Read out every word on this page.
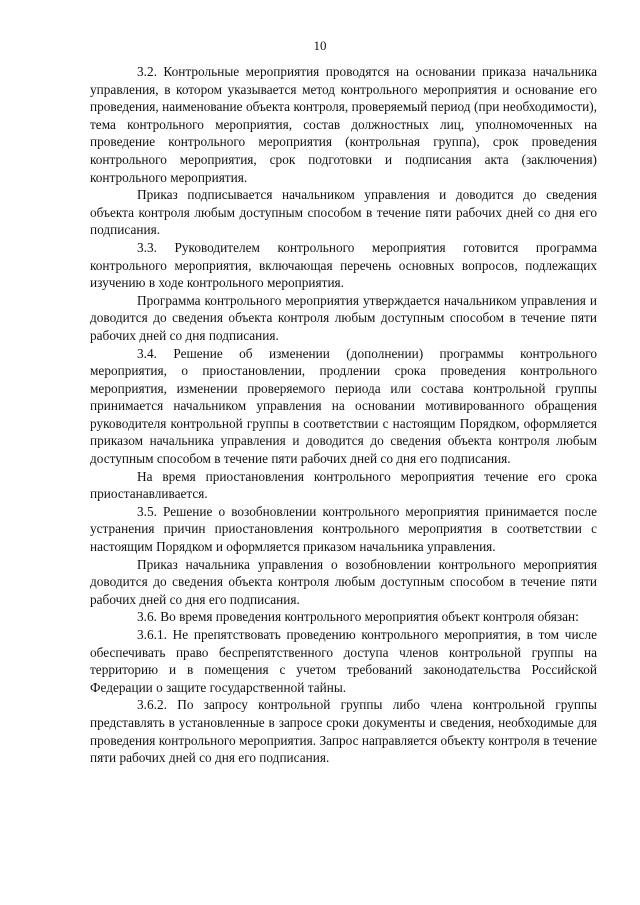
10

3.2. Контрольные мероприятия проводятся на основании приказа начальника управления, в котором указывается метод контрольного мероприятия и основание его проведения, наименование объекта контроля, проверяемый период (при необходимости), тема контрольного мероприятия, состав должностных лиц, уполномоченных на проведение контрольного мероприятия (контрольная группа), срок проведения контрольного мероприятия, срок подготовки и подписания акта (заключения) контрольного мероприятия.

Приказ подписывается начальником управления и доводится до сведения объекта контроля любым доступным способом в течение пяти рабочих дней со дня его подписания.

3.3. Руководителем контрольного мероприятия готовится программа контрольного мероприятия, включающая перечень основных вопросов, подлежащих изучению в ходе контрольного мероприятия.

Программа контрольного мероприятия утверждается начальником управления и доводится до сведения объекта контроля любым доступным способом в течение пяти рабочих дней со дня подписания.

3.4. Решение об изменении (дополнении) программы контрольного мероприятия, о приостановлении, продлении срока проведения контрольного мероприятия, изменении проверяемого периода или состава контрольной группы принимается начальником управления на основании мотивированного обращения руководителя контрольной группы в соответствии с настоящим Порядком, оформляется приказом начальника управления и доводится до сведения объекта контроля любым доступным способом в течение пяти рабочих дней со дня его подписания.

На время приостановления контрольного мероприятия течение его срока приостанавливается.

3.5. Решение о возобновлении контрольного мероприятия принимается после устранения причин приостановления контрольного мероприятия в соответствии с настоящим Порядком и оформляется приказом начальника управления.

Приказ начальника управления о возобновлении контрольного мероприятия доводится до сведения объекта контроля любым доступным способом в течение пяти рабочих дней со дня его подписания.

3.6. Во время проведения контрольного мероприятия объект контроля обязан:

3.6.1. Не препятствовать проведению контрольного мероприятия, в том числе обеспечивать право беспрепятственного доступа членов контрольной группы на территорию и в помещения с учетом требований законодательства Российской Федерации о защите государственной тайны.

3.6.2. По запросу контрольной группы либо члена контрольной группы представлять в установленные в запросе сроки документы и сведения, необходимые для проведения контрольного мероприятия. Запрос направляется объекту контроля в течение пяти рабочих дней со дня его подписания.
